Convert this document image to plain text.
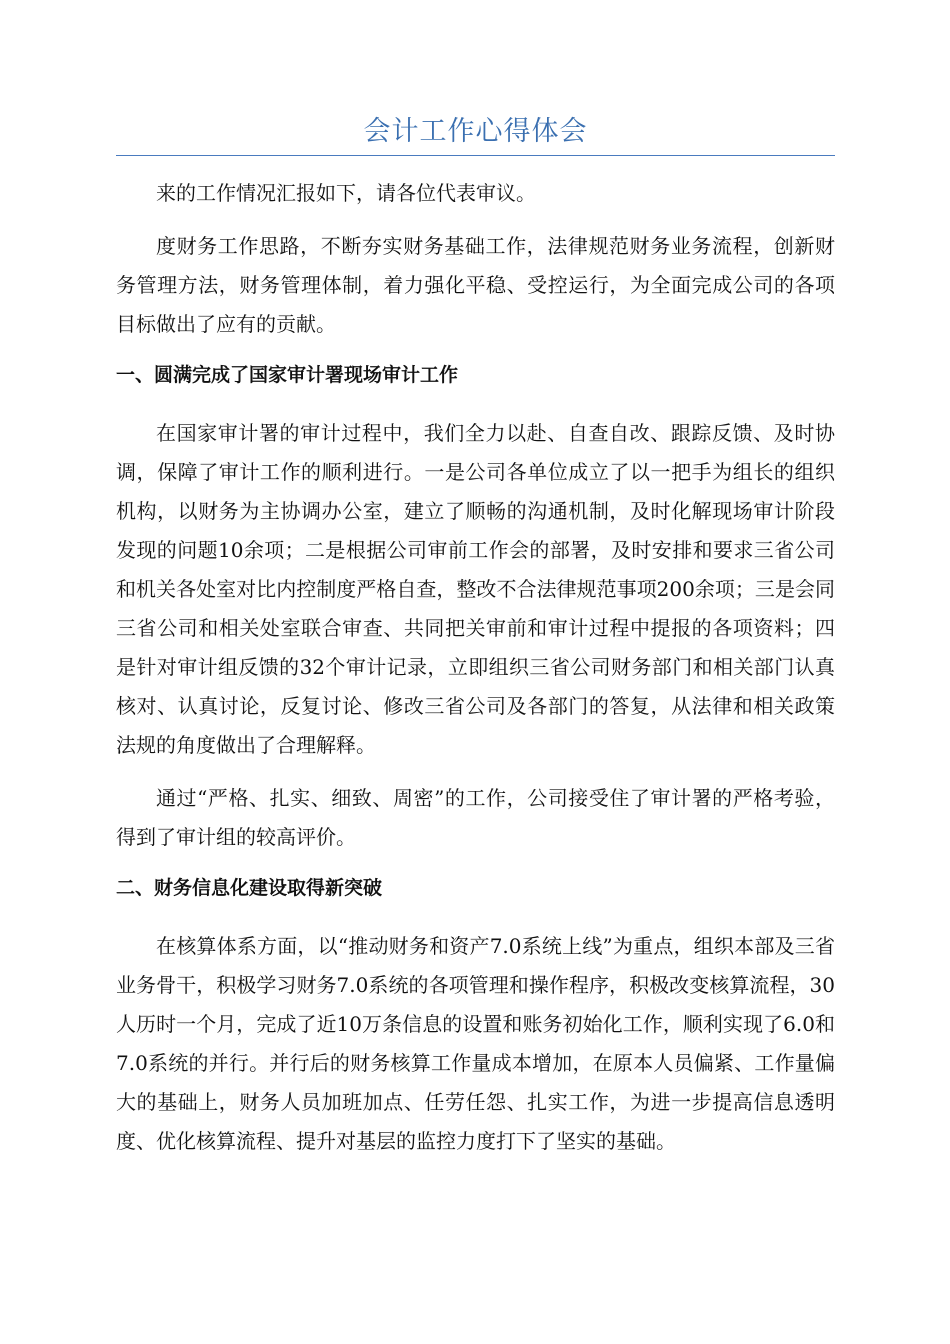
会计工作心得体会

来的工作情况汇报如下，请各位代表审议。

度财务工作思路，不断夯实财务基础工作，法律规范财务业务流程，创新财务管理方法，财务管理体制，着力强化平稳、受控运行，为全面完成公司的各项目标做出了应有的贡献。

一、圆满完成了国家审计署现场审计工作

在国家审计署的审计过程中，我们全力以赴、自查自改、跟踪反馈、及时协调，保障了审计工作的顺利进行。一是公司各单位成立了以一把手为组长的组织机构，以财务为主协调办公室，建立了顺畅的沟通机制，及时化解现场审计阶段发现的问题10余项；二是根据公司审前工作会的部署，及时安排和要求三省公司和机关各处室对比内控制度严格自查，整改不合法律规范事项200余项；三是会同三省公司和相关处室联合审查、共同把关审前和审计过程中提报的各项资料；四是针对审计组反馈的32个审计记录，立即组织三省公司财务部门和相关部门认真核对、认真讨论，反复讨论、修改三省公司及各部门的答复，从法律和相关政策法规的角度做出了合理解释。

通过“严格、扎实、细致、周密”的工作，公司接受住了审计署的严格考验，得到了审计组的较高评价。

二、财务信息化建设取得新突破

在核算体系方面，以“推动财务和资产7.0系统上线”为重点，组织本部及三省业务骨干，积极学习财务7.0系统的各项管理和操作程序，积极改变核算流程，30人历时一个月，完成了近10万条信息的设置和账务初始化工作，顺利实现了6.0和7.0系统的并行。并行后的财务核算工作量成本增加，在原本人员偏紧、工作量偏大的基础上，财务人员加班加点、任劳任怨、扎实工作，为进一步提高信息透明度、优化核算流程、提升对基层的监控力度打下了坚实的基础。
